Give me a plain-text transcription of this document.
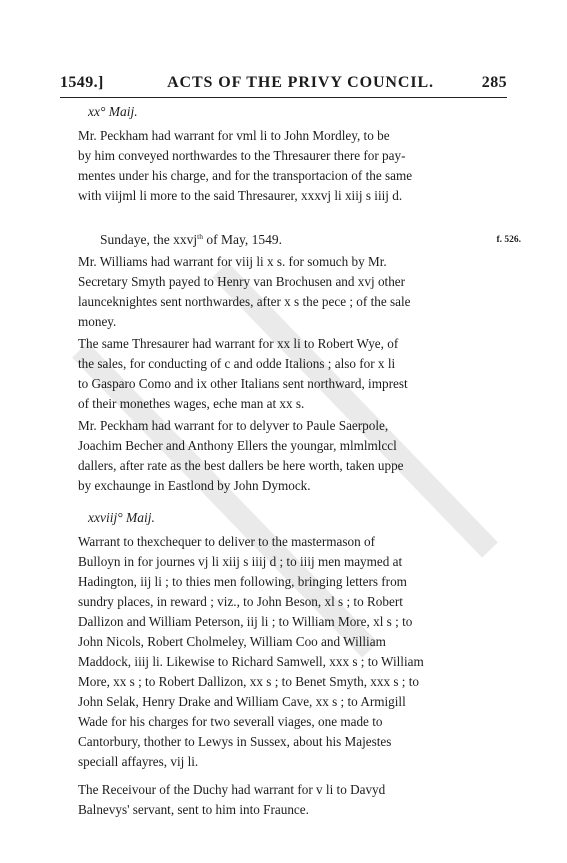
1549.]	ACTS OF THE PRIVY COUNCIL.	285
xx° Maij.
Mr. Peckham had warrant for vml li to John Mordley, to be
by him conveyed northwardes to the Thresaurer there for pay-
mentes under his charge, and for the transportacion of the same
with viijml li more to the said Thresaurer, xxxvj li xiij s iiij d.
Sundaye, the xxvj$^{th}$ of May, 1549.	f. 526.
Mr. Williams had warrant for viij li x s. for somuch by Mr.
Secretary Smyth payed to Henry van Brochusen and xvj other
launceknightes sent northwardes, after x s the pece ; of the sale
money.
The same Thresaurer had warrant for xx li to Robert Wye, of
the sales, for conducting of c and odde Italions ; also for x li
to Gasparo Como and ix other Italians sent northward, imprest
of their monethes wages, eche man at xx s.
Mr. Peckham had warrant for to delyver to Paule Saerpole,
Joachim Becher and Anthony Ellers the youngar, mlmlmlccl
dallers, after rate as the best dallers be here worth, taken uppe
by exchaunge in Eastlond by John Dymock.
xxviij° Maij.
Warrant to thexchequer to deliver to the mastermason of
Bulloyn in for journes vj li xiij s iiij d ; to iiij men maymed at
Hadington, iij li ; to thies men following, bringing letters from
sundry places, in reward ; viz., to John Beson, xl s ; to Robert
Dallizon and William Peterson, iij li ; to William More, xl s ; to
John Nicols, Robert Cholmeley, William Coo and William
Maddock, iiij li. Likewise to Richard Samwell, xxx s ; to William
More, xx s ; to Robert Dallizon, xx s ; to Benet Smyth, xxx s ; to
John Selak, Henry Drake and William Cave, xx s ; to Armigill
Wade for his charges for two severall viages, one made to
Cantorbury, thother to Lewys in Sussex, about his Majestes
speciall affayres, vij li.
The Receivour of the Duchy had warrant for v li to Davyd
Balnevys' servant, sent to him into Fraunce.
